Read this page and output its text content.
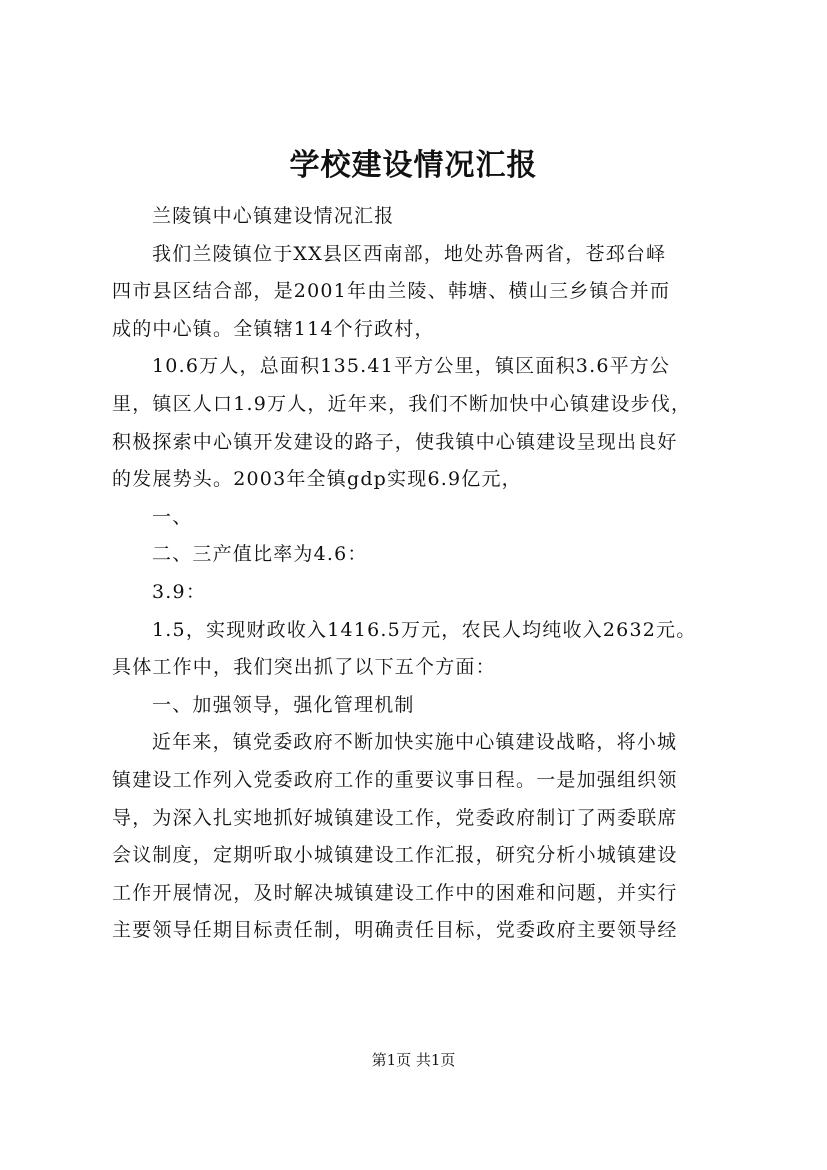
学校建设情况汇报

兰陵镇中心镇建设情况汇报

我们兰陵镇位于XX县区西南部，地处苏鲁两省，苍邳台峄

四市县区结合部，是2001年由兰陵、韩塘、横山三乡镇合并而

成的中心镇。全镇辖114个行政村，

10.6万人，总面积135.41平方公里，镇区面积3.6平方公

里，镇区人口1.9万人，近年来，我们不断加快中心镇建设步伐，

积极探索中心镇开发建设的路子，使我镇中心镇建设呈现出良好

的发展势头。2003年全镇gdp实现6.9亿元，

一、

二、三产值比率为4.6：

3.9：

1.5，实现财政收入1416.5万元，农民人均纯收入2632元。

具体工作中，我们突出抓了以下五个方面：

一、加强领导，强化管理机制

近年来，镇党委政府不断加快实施中心镇建设战略，将小城

镇建设工作列入党委政府工作的重要议事日程。一是加强组织领

导，为深入扎实地抓好城镇建设工作，党委政府制订了两委联席

会议制度，定期听取小城镇建设工作汇报，研究分析小城镇建设

工作开展情况，及时解决城镇建设工作中的困难和问题，并实行

主要领导任期目标责任制，明确责任目标，党委政府主要领导经

第1页 共1页
